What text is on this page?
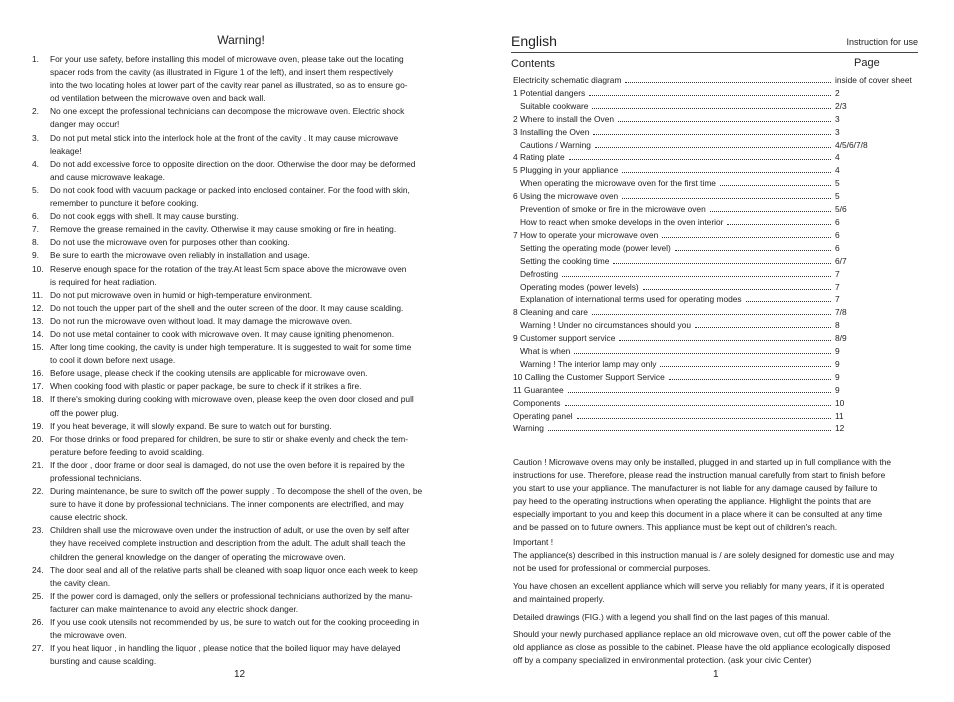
Warning!
1.	For your use safety, before installing this model of microwave oven, please take out the locating
spacer rods from the cavity (as illustrated in Figure 1 of the left), and insert them respectively
into the two locating holes at lower part of the cavity rear panel as illustrated, so as to ensure go-
od ventilation between the microwave oven and back wall.
2.	No one except the professional technicians can decompose the microwave oven. Electric shock
danger may occur!
3.	Do not put metal stick into the interlock hole at the front of the cavity . It may cause microwave
leakage!
4.	Do not add excessive force to opposite direction on the door. Otherwise the door may be deformed
and cause microwave leakage.
5.	Do not cook food with vacuum package or packed into enclosed container. For the food with skin,
remember to puncture it before cooking.
6.	Do not cook eggs with shell. It may cause bursting.
7.	Remove the grease remained in the cavity. Otherwise it may cause smoking or fire in heating.
8.	Do not use the microwave oven for purposes other than cooking.
9.	Be sure to earth the microwave oven reliably in installation and usage.
10. Reserve enough space for the rotation of the tray.At least 5cm space above the microwave oven
is required for heat radiation.
11. Do not put microwave oven in humid or high-temperature environment.
12. Do not touch the upper part of the shell and the outer screen of the door. It may cause scalding.
13. Do not run the microwave oven without load. It may damage the microwave oven.
14. Do not use metal container to cook with microwave oven. It may cause igniting phenomenon.
15. After long time cooking, the cavity is under high temperature. It is suggested to wait for some time
to cool it down before next usage.
16. Before usage, please check if the cooking utensils are applicable for microwave oven.
17. When cooking food with plastic or paper package, be sure to check if it strikes a fire.
18. If there's smoking during cooking with microwave oven, please keep the oven door closed and pull
off the power plug.
19. If you heat beverage, it will slowly expand. Be sure to watch out for bursting.
20. For those drinks or food prepared for children, be sure to stir or shake evenly and check the tem-
perature before feeding to avoid scalding.
21. If the door , door frame or door seal is damaged, do not use the oven before it is repaired by the
professional technicians.
22. During maintenance, be sure to switch off the power supply . To decompose the shell of the oven, be
sure to have it done by professional technicians. The inner components are electrified, and may
cause electric shock.
23. Children shall use the microwave oven under the instruction of adult, or use the oven by self after
they have received complete instruction and description from the adult. The adult shall teach the
children the general knowledge on the danger of operating the microwave oven.
24. The door seal and all of the relative parts shall be cleaned with soap liquor once each week to keep
the cavity clean.
25. If the power cord is damaged, only the sellers or professional technicians authorized by the manu-
facturer can make maintenance to avoid any electric shock danger.
26. If you use cook utensils not recommended by us, be sure to watch out for the cooking proceeding in
the microwave oven.
27. If you heat liquor , in handling the liquor , please notice that the boiled liquor may have delayed
bursting and cause scalding.
12
English	Instruction for use
Contents	Page
Electricity schematic diagram	inside of cover sheet
1 Potential dangers	2
Suitable cookware	2/3
2 Where to install the Oven	3
3 Installing the Oven	3
Cautions / Warning	4/5/6/7/8
4 Rating plate	4
5 Plugging in your appliance	4
When operating the microwave oven for the first time	5
6 Using the microwave oven	5
Prevention of smoke or fire in the microwave oven	5/6
How to react when smoke develops in the oven interior	6
7 How to operate your microwave oven	6
Setting the operating mode (power level)	6
Setting the cooking time	6/7
Defrosting	7
Operating modes (power levels)	7
Explanation of international terms used for operating modes	7
8 Cleaning and care	7/8
Warning ! Under no circumstances should you	8
9 Customer support service	8/9
What is when	9
Warning ! The interior lamp may only	9
10 Calling the Customer Support Service	9
11 Guarantee	9
Components	10
Operating panel	11
Warning	12

Caution ! Microwave ovens may only be installed, plugged in and started up in full compliance with the
instructions for use. Therefore, please read the instruction manual carefully from start to finish before
you start to use your appliance. The manufacturer is not liable for any damage caused by failure to
pay heed to the operating instructions when operating the appliance. Highlight the points that are
especially important to you and keep this document in a place where it can be consulted at any time
and be passed on to future owners. This appliance must be kept out of children's reach.

Important !
The appliance(s) described in this instruction manual is / are solely designed for domestic use and may
not be used for professional or commercial purposes.

You have chosen an excellent appliance which will serve you reliably for many years, if it is operated
and maintained properly.

Detailed drawings (FIG.) with a legend you shall find on the last pages of this manual.

Should your newly purchased appliance replace an old microwave oven, cut off the power cable of the
old appliance as close as possible to the cabinet. Please have the old appliance ecologically disposed
off by a company specialized in environmental protection. (ask your civic Center)

1
